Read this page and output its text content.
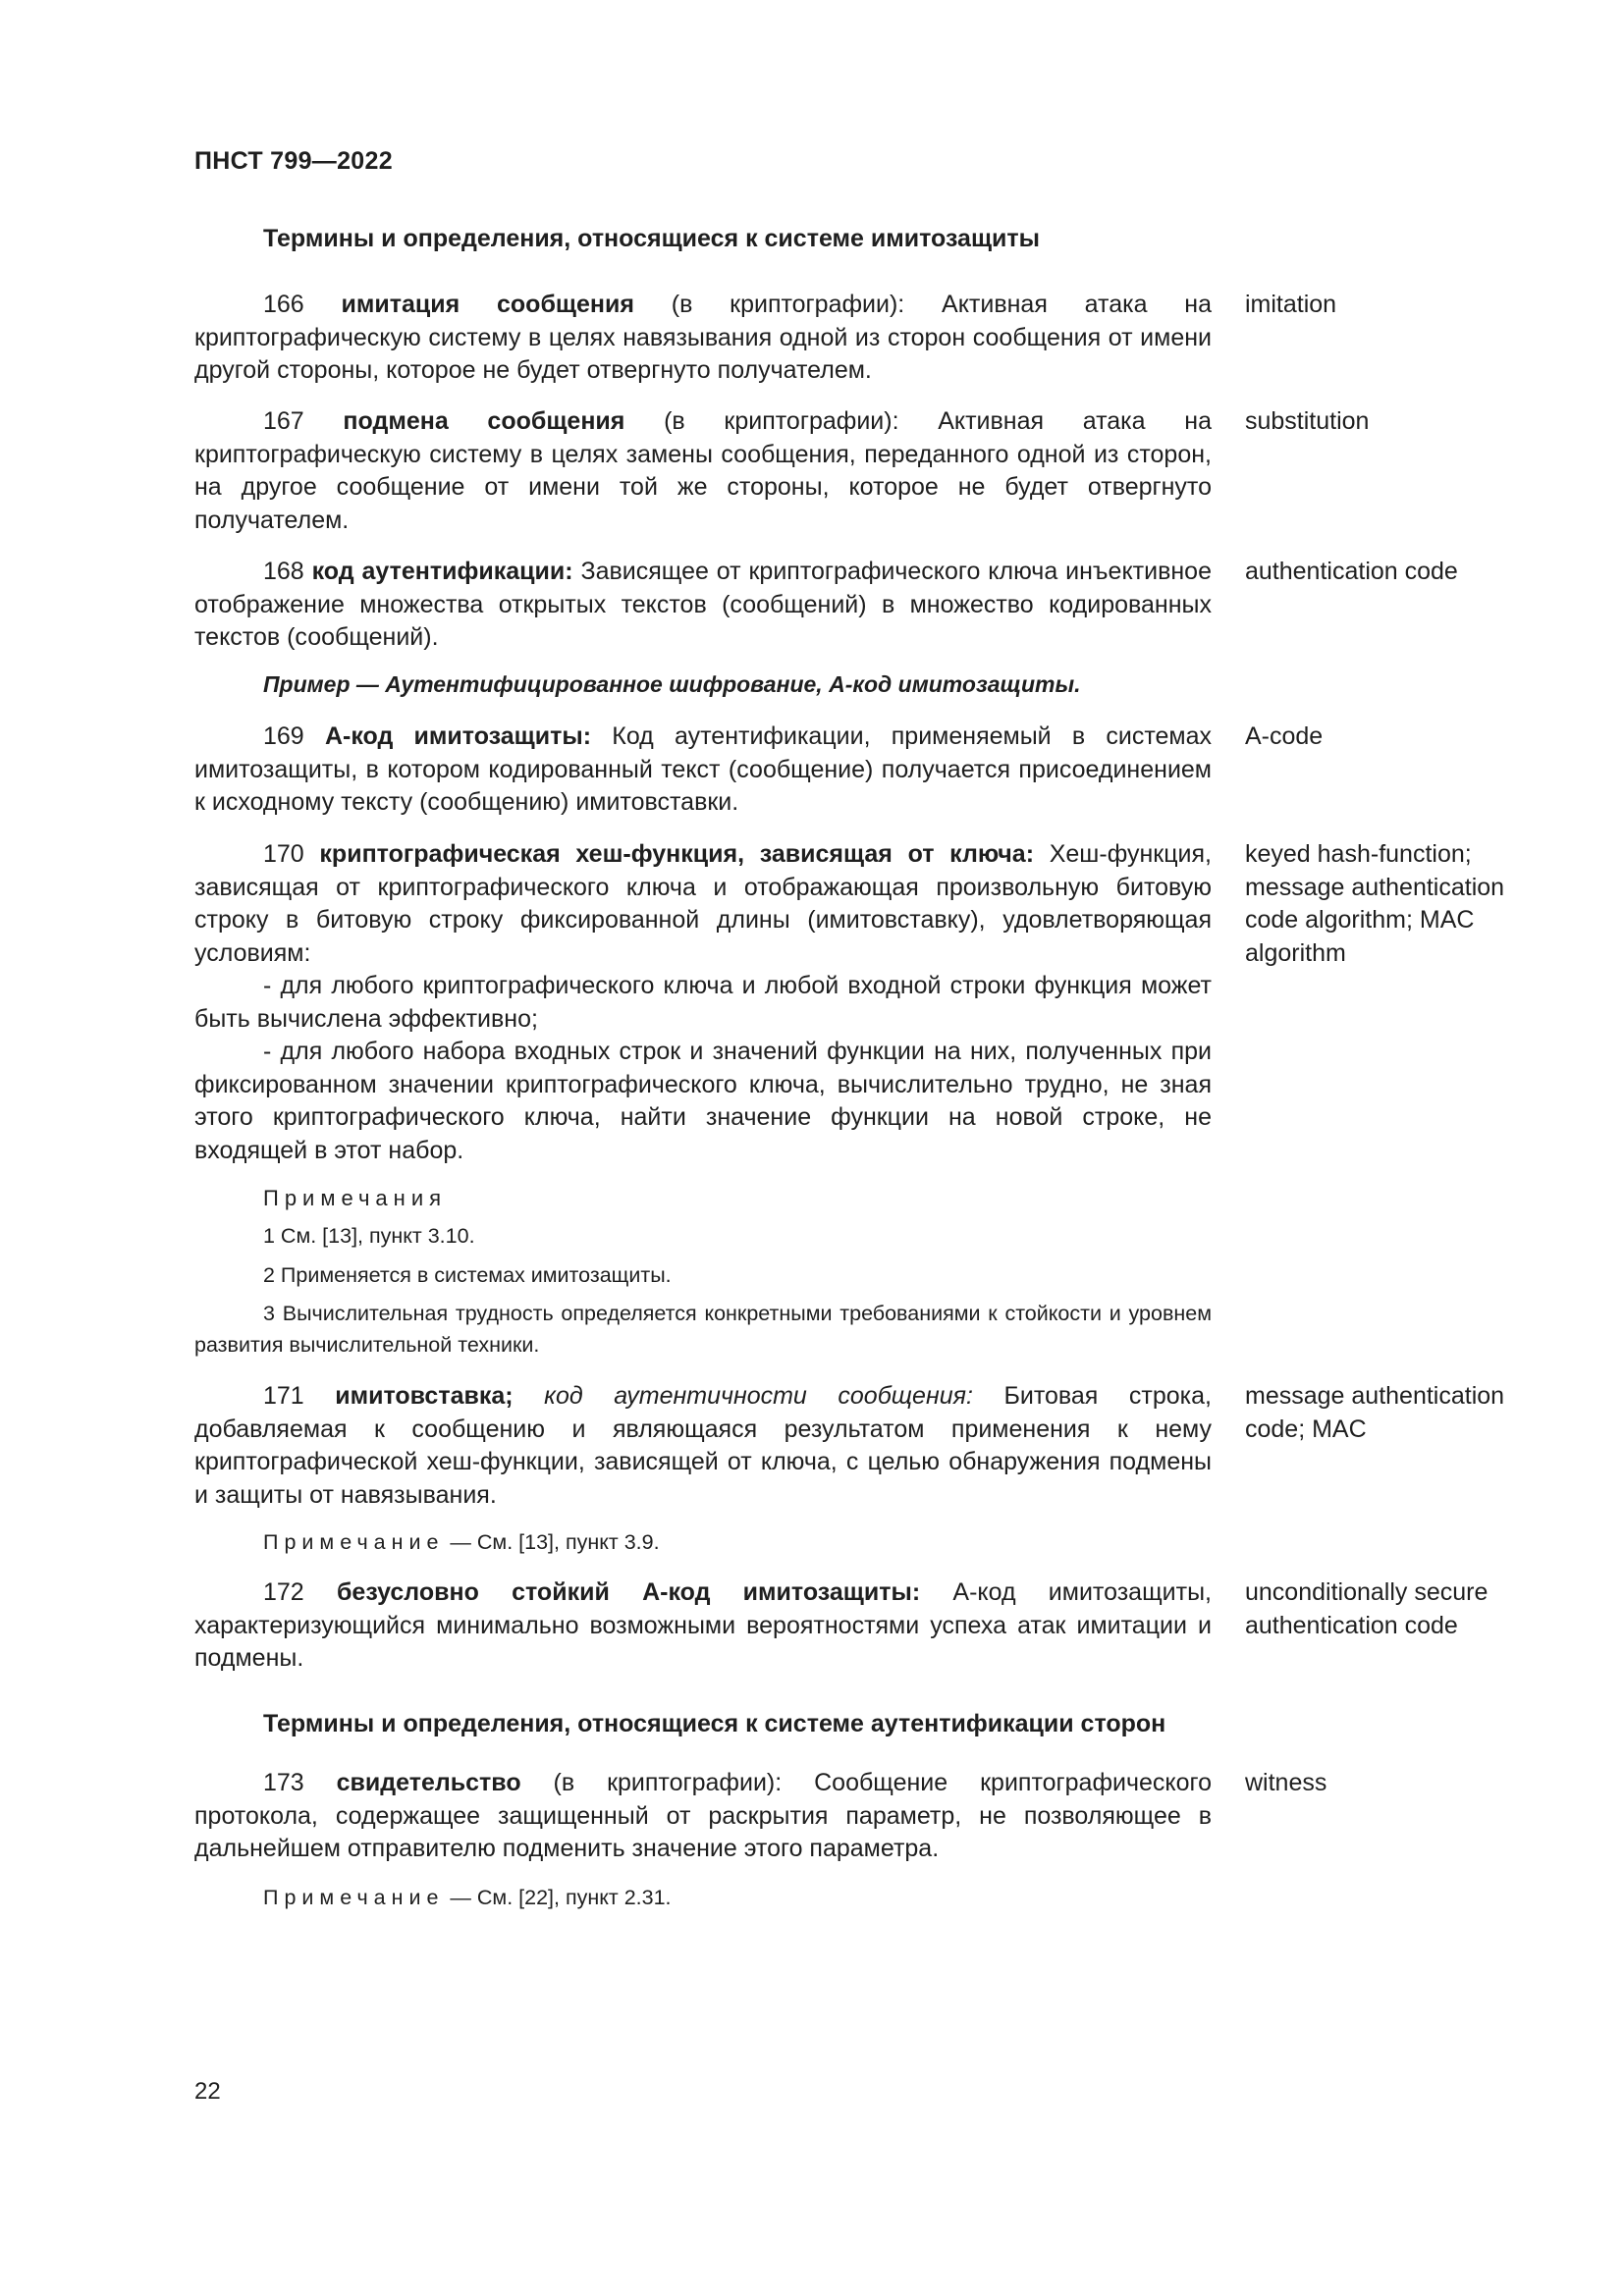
ПНСТ 799—2022
Термины и определения, относящиеся к системе имитозащиты
166 имитация сообщения (в криптографии): Активная атака на криптографическую систему в целях навязывания одной из сторон сообщения от имени другой стороны, которое не будет отвергнуто получателем.
imitation
167 подмена сообщения (в криптографии): Активная атака на криптографическую систему в целях замены сообщения, переданного одной из сторон, на другое сообщение от имени той же стороны, которое не будет отвергнуто получателем.
substitution
168 код аутентификации: Зависящее от криптографического ключа инъективное отображение множества открытых текстов (сообщений) в множество кодированных текстов (сообщений).
authentication code
Пример — Аутентифицированное шифрование, А-код имитозащиты.
169 А-код имитозащиты: Код аутентификации, применяемый в системах имитозащиты, в котором кодированный текст (сообщение) получается присоединением к исходному тексту (сообщению) имитовставки.
A-code
170 криптографическая хеш-функция, зависящая от ключа: Хеш-функция, зависящая от криптографического ключа и отображающая произвольную битовую строку в битовую строку фиксированной длины (имитовставку), удовлетворяющая условиям:
- для любого криптографического ключа и любой входной строки функция может быть вычислена эффективно;
- для любого набора входных строк и значений функции на них, полученных при фиксированном значении криптографического ключа, вычислительно трудно, не зная этого криптографического ключа, найти значение функции на новой строке, не входящей в этот набор.
keyed hash-function; message authentication code algorithm; MAC algorithm
Примечания
1 См. [13], пункт 3.10.
2 Применяется в системах имитозащиты.
3 Вычислительная трудность определяется конкретными требованиями к стойкости и уровнем развития вычислительной техники.
171 имитовставка; код аутентичности сообщения: Битовая строка, добавляемая к сообщению и являющаяся результатом применения к нему криптографической хеш-функции, зависящей от ключа, с целью обнаружения подмены и защиты от навязывания.
message authentication code; MAC
Примечание — См. [13], пункт 3.9.
172 безусловно стойкий А-код имитозащиты: А-код имитозащиты, характеризующийся минимально возможными вероятностями успеха атак имитации и подмены.
unconditionally secure authentication code
Термины и определения, относящиеся к системе аутентификации сторон
173 свидетельство (в криптографии): Сообщение криптографического протокола, содержащее защищенный от раскрытия параметр, не позволяющее в дальнейшем отправителю подменить значение этого параметра.
witness
Примечание — См. [22], пункт 2.31.
22
